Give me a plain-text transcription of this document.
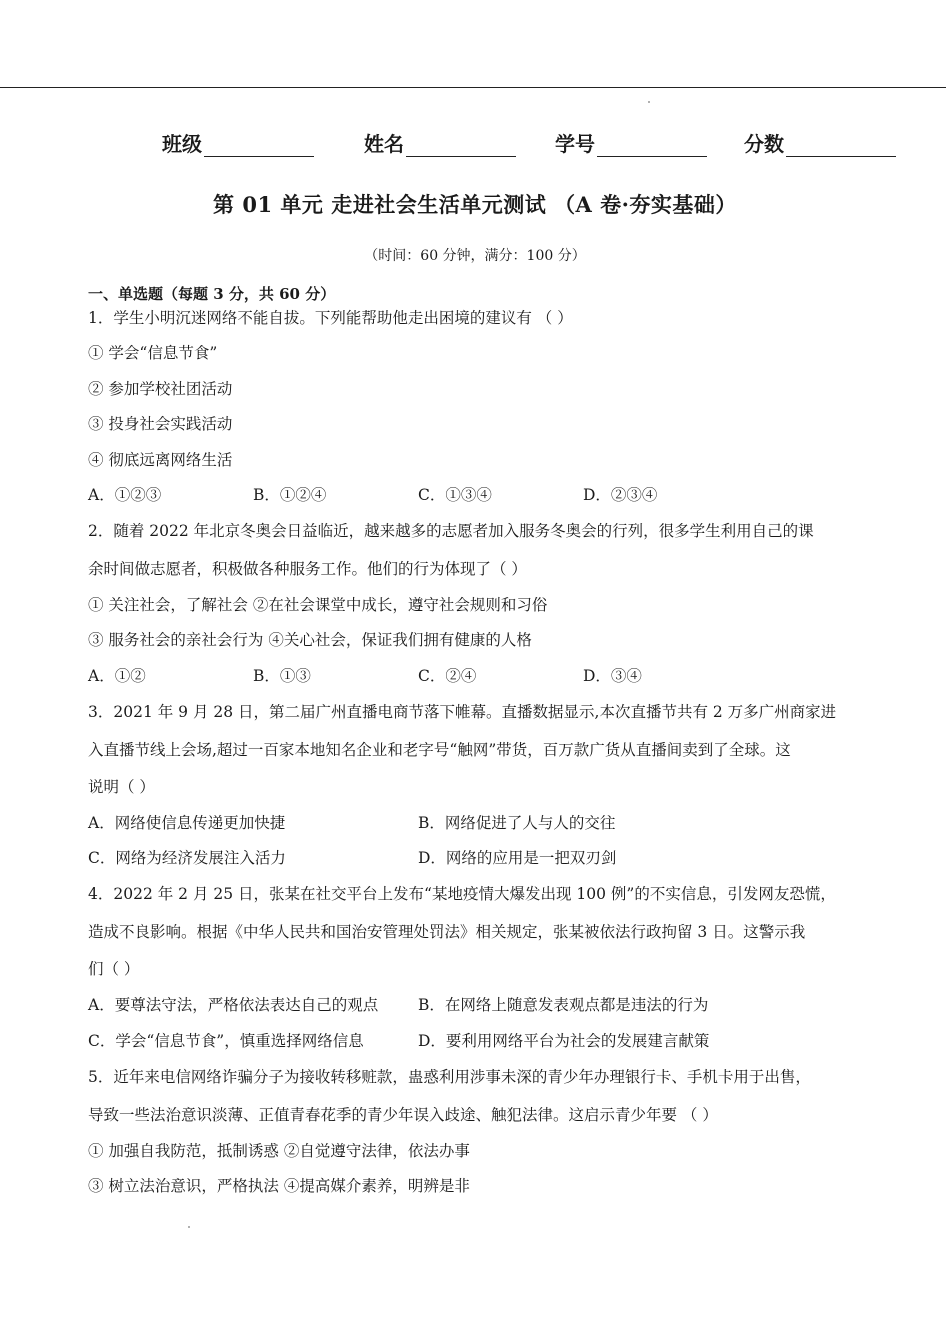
班级	姓名	学号	分数
第 01 单元 走进社会生活单元测试 （A 卷·夯实基础）
（时间：60 分钟，满分：100 分）
一、单选题（每题 3 分，共 60 分）
1．学生小明沉迷网络不能自拔。下列能帮助他走出困境的建议有 （ ）
① 学会“信息节食”
② 参加学校社团活动
③ 投身社会实践活动
④ 彻底远离网络生活
A．①②③	B．①②④	C．①③④	D．②③④
2．随着 2022 年北京冬奥会日益临近，越来越多的志愿者加入服务冬奥会的行列，很多学生利用自己的课
余时间做志愿者，积极做各种服务工作。他们的行为体现了（ ）
① 关注社会，了解社会 ②在社会课堂中成长，遵守社会规则和习俗
③ 服务社会的亲社会行为 ④关心社会，保证我们拥有健康的人格
A．①②	B．①③	C．②④	D．③④
3．2021 年 9 月 28 日，第二届广州直播电商节落下帷幕。直播数据显示,本次直播节共有 2 万多广州商家进
入直播节线上会场,超过一百家本地知名企业和老字号“触网”带货，百万款广货从直播间卖到了全球。这
说明（ ）
A．网络使信息传递更加快捷	B．网络促进了人与人的交往
C．网络为经济发展注入活力	D．网络的应用是一把双刃剑
4．2022 年 2 月 25 日，张某在社交平台上发布“某地疫情大爆发出现 100 例”的不实信息，引发网友恐慌，
造成不良影响。根据《中华人民共和国治安管理处罚法》相关规定，张某被依法行政拘留 3 日。这警示我
们（ ）
A．要尊法守法，严格依法表达自己的观点	B．在网络上随意发表观点都是违法的行为
C．学会“信息节食”，慎重选择网络信息	D．要利用网络平台为社会的发展建言献策
5．近年来电信网络诈骗分子为接收转移赃款，蛊惑利用涉事未深的青少年办理银行卡、手机卡用于出售，
导致一些法治意识淡薄、正值青春花季的青少年误入歧途、触犯法律。这启示青少年要 （ ）
① 加强自我防范，抵制诱惑 ②自觉遵守法律，依法办事
③ 树立法治意识，严格执法 ④提高媒介素养，明辨是非
